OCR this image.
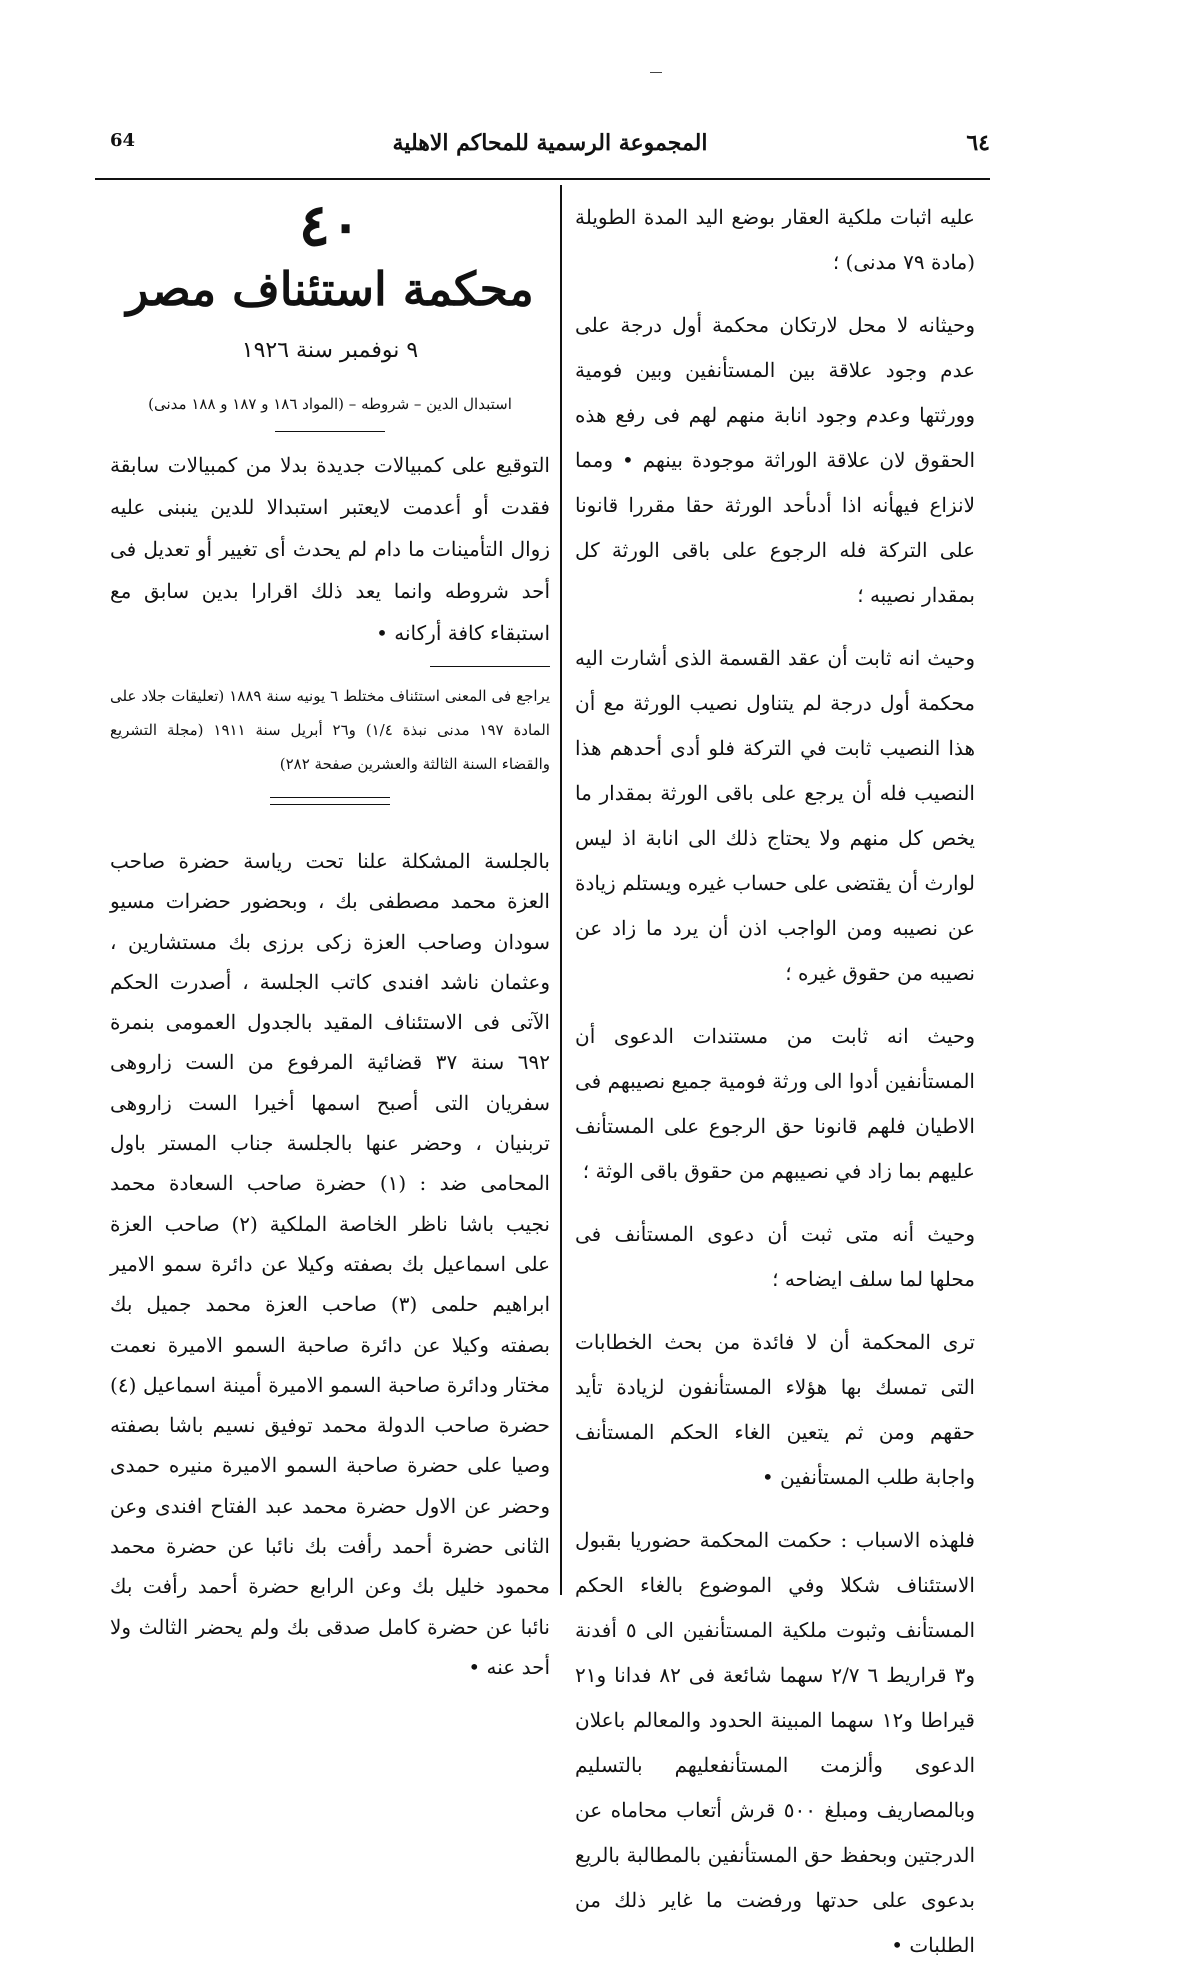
64	المجموعة الرسمية للمحاكم الاهلية	٦٤

عليه اثبات ملكية العقار بوضع اليد المدة الطويلة (مادة ٧٩ مدنى) ؛

وحيثانه لا محل لارتكان محكمة أول درجة على عدم وجود علاقة بين المستأنفين وبين فومية وورثتها وعدم وجود انابة منهم لهم فى رفع هذه الحقوق لان علاقة الوراثة موجودة بينهم • ومما لانزاع فيهأنه اذا أدىأحد الورثة حقا مقررا قانونا على التركة فله الرجوع على باقى الورثة كل بمقدار نصيبه ؛

وحيث انه ثابت أن عقد القسمة الذى أشارت اليه محكمة أول درجة لم يتناول نصيب الورثة مع أن هذا النصيب ثابت في التركة فلو أدى أحدهم هذا النصيب فله أن يرجع على باقى الورثة بمقدار ما يخص كل منهم ولا يحتاج ذلك الى انابة اذ ليس لوارث أن يقتضى على حساب غيره ويستلم زيادة عن نصيبه ومن الواجب اذن أن يرد ما زاد عن نصيبه من حقوق غيره ؛

وحيث انه ثابت من مستندات الدعوى أن المستأنفين أدوا الى ورثة فومية جميع نصيبهم فى الاطيان فلهم قانونا حق الرجوع على المستأنف عليهم بما زاد في نصيبهم من حقوق باقى الوثة ؛

وحيث أنه متى ثبت أن دعوى المستأنف فى محلها لما سلف ايضاحه ؛

ترى المحكمة أن لا فائدة من بحث الخطابات التى تمسك بها هؤلاء المستأنفون لزيادة تأيد حقهم ومن ثم يتعين الغاء الحكم المستأنف واجابة طلب المستأنفين •

فلهذه الاسباب : حكمت المحكمة حضوريا بقبول الاستئناف شكلا وفي الموضوع بالغاء الحكم المستأنف وثبوت ملكية المستأنفين الى ٥ أفدنة و٣ قراريط ٦ ٢/٧ سهما شائعة فى ٨٢ فدانا و٢١ قيراطا و١٢ سهما المبينة الحدود والمعالم باعلان الدعوى وألزمت المستأنفعليهم بالتسليم وبالمصاريف ومبلغ ٥٠٠ قرش أتعاب محاماه عن الدرجتين وبحفظ حق المستأنفين بالمطالبة بالريع بدعوى على حدتها ورفضت ما غاير ذلك من الطلبات •

٤٠
محكمة استئناف مصر
٩ نوفمبر سنة ١٩٢٦
استبدال الدين – شروطه – (المواد ١٨٦ و ١٨٧ و ١٨٨ مدنى)

التوقيع على كمبيالات جديدة بدلا من كمبيالات سابقة فقدت أو أعدمت لايعتبر استبدالا للدين ينبنى عليه زوال التأمينات ما دام لم يحدث أى تغيير أو تعديل فى أحد شروطه وانما يعد ذلك اقرارا بدين سابق مع استبقاء كافة أركانه •

يراجع فى المعنى استئناف مختلط ٦ يونيه سنة ١٨٨٩ (تعليقات جلاد على المادة ١٩٧ مدنى نبذة ١/٤) و٢٦ أبريل سنة ١٩١١ (مجلة التشريع والقضاء السنة الثالثة والعشرين صفحة ٢٨٢)

بالجلسة المشكلة علنا تحت رياسة حضرة صاحب العزة محمد مصطفى بك ، وبحضور حضرات مسيو سودان وصاحب العزة زكى برزى بك مستشارين ، وعثمان ناشد افندى كاتب الجلسة ، أصدرت الحكم الآتى فى الاستئناف المقيد بالجدول العمومى بنمرة ٦٩٢ سنة ٣٧ قضائية المرفوع من الست زاروهى سفريان التى أصبح اسمها أخيرا الست زاروهى تربنيان ، وحضر عنها بالجلسة جناب المستر باول المحامى ضد : (١) حضرة صاحب السعادة محمد نجيب باشا ناظر الخاصة الملكية (٢) صاحب العزة على اسماعيل بك بصفته وكيلا عن دائرة سمو الامير ابراهيم حلمى (٣) صاحب العزة محمد جميل بك بصفته وكيلا عن دائرة صاحبة السمو الاميرة نعمت مختار ودائرة صاحبة السمو الاميرة أمينة اسماعيل (٤) حضرة صاحب الدولة محمد توفيق نسيم باشا بصفته وصيا على حضرة صاحبة السمو الاميرة منيره حمدى وحضر عن الاول حضرة محمد عبد الفتاح افندى وعن الثانى حضرة أحمد رأفت بك نائبا عن حضرة محمد محمود خليل بك وعن الرابع حضرة أحمد رأفت بك نائبا عن حضرة كامل صدقى بك ولم يحضر الثالث ولا أحد عنه •
